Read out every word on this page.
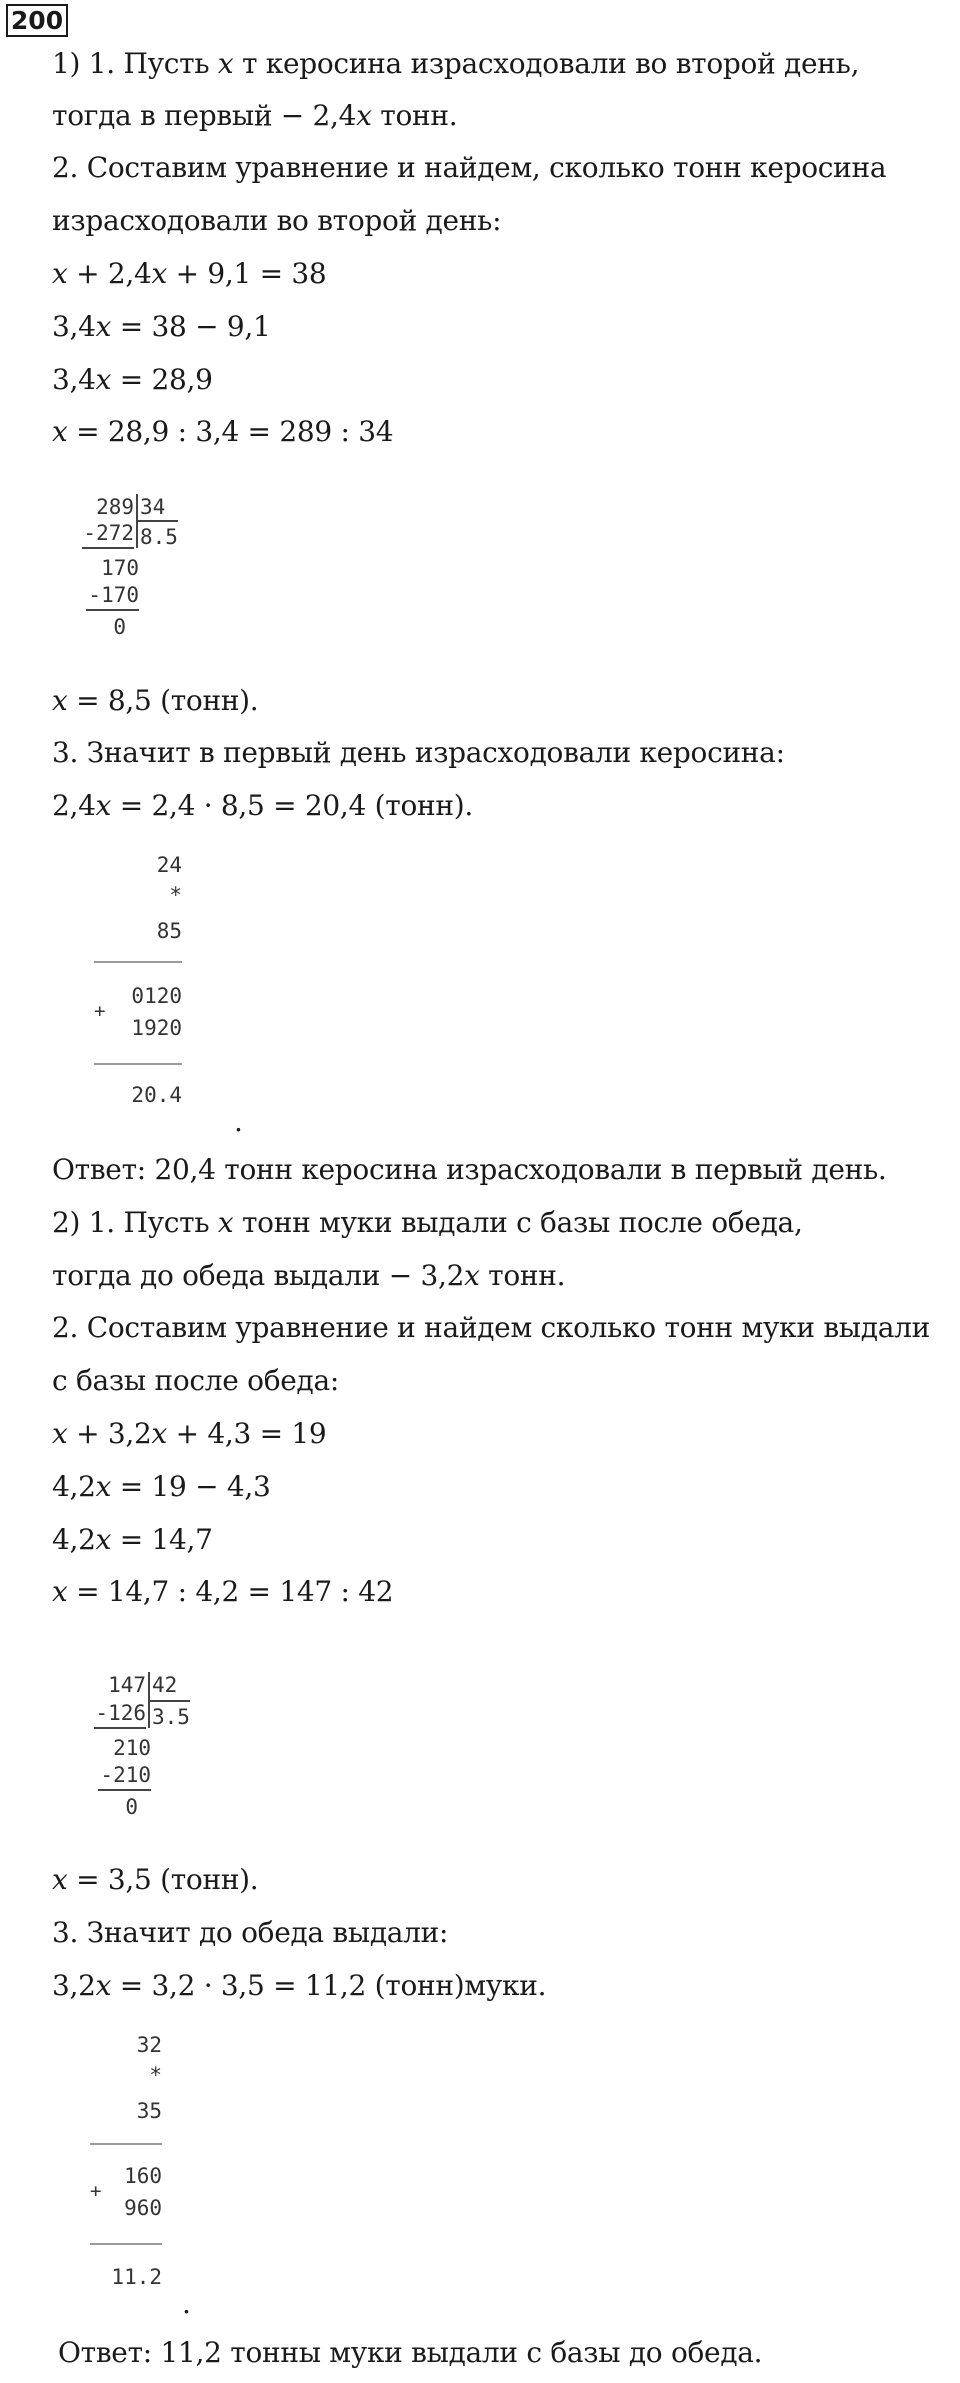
200
1) 1. Пусть 𝑥 т керосина израсходовали во второй день,
тогда в первый − 2,4𝑥 тонн.
2. Составим уравнение и найдем, сколько тонн керосина
израсходовали во второй день:
𝑥 + 2,4𝑥 + 9,1 = 38
3,4𝑥 = 38 − 9,1
3,4𝑥 = 28,9
𝑥 = 28,9 : 3,4 = 289 : 34
289 34
-272 8.5
170
-170
0
𝑥 = 8,5 (тонн).
3. Значит в первый день израсходовали керосина:
2,4𝑥 = 2,4 · 8,5 = 20,4 (тонн).
24
*
85
0120
1920
20.4
+
.
Ответ: 20,4 тонн керосина израсходовали в первый день.
2) 1. Пусть 𝑥 тонн муки выдали с базы после обеда,
тогда до обеда выдали − 3,2𝑥 тонн.
2. Составим уравнение и найдем сколько тонн муки выдали
с базы после обеда:
𝑥 + 3,2𝑥 + 4,3 = 19
4,2𝑥 = 19 − 4,3
4,2𝑥 = 14,7
𝑥 = 14,7 : 4,2 = 147 : 42
147 42
-126 3.5
210
-210
0
𝑥 = 3,5 (тонн).
3. Значит до обеда выдали:
3,2𝑥 = 3,2 · 3,5 = 11,2 (тонн)муки.
32
*
35
160
960
11.2
+
.
Ответ: 11,2 тонны муки выдали с базы до обеда.
